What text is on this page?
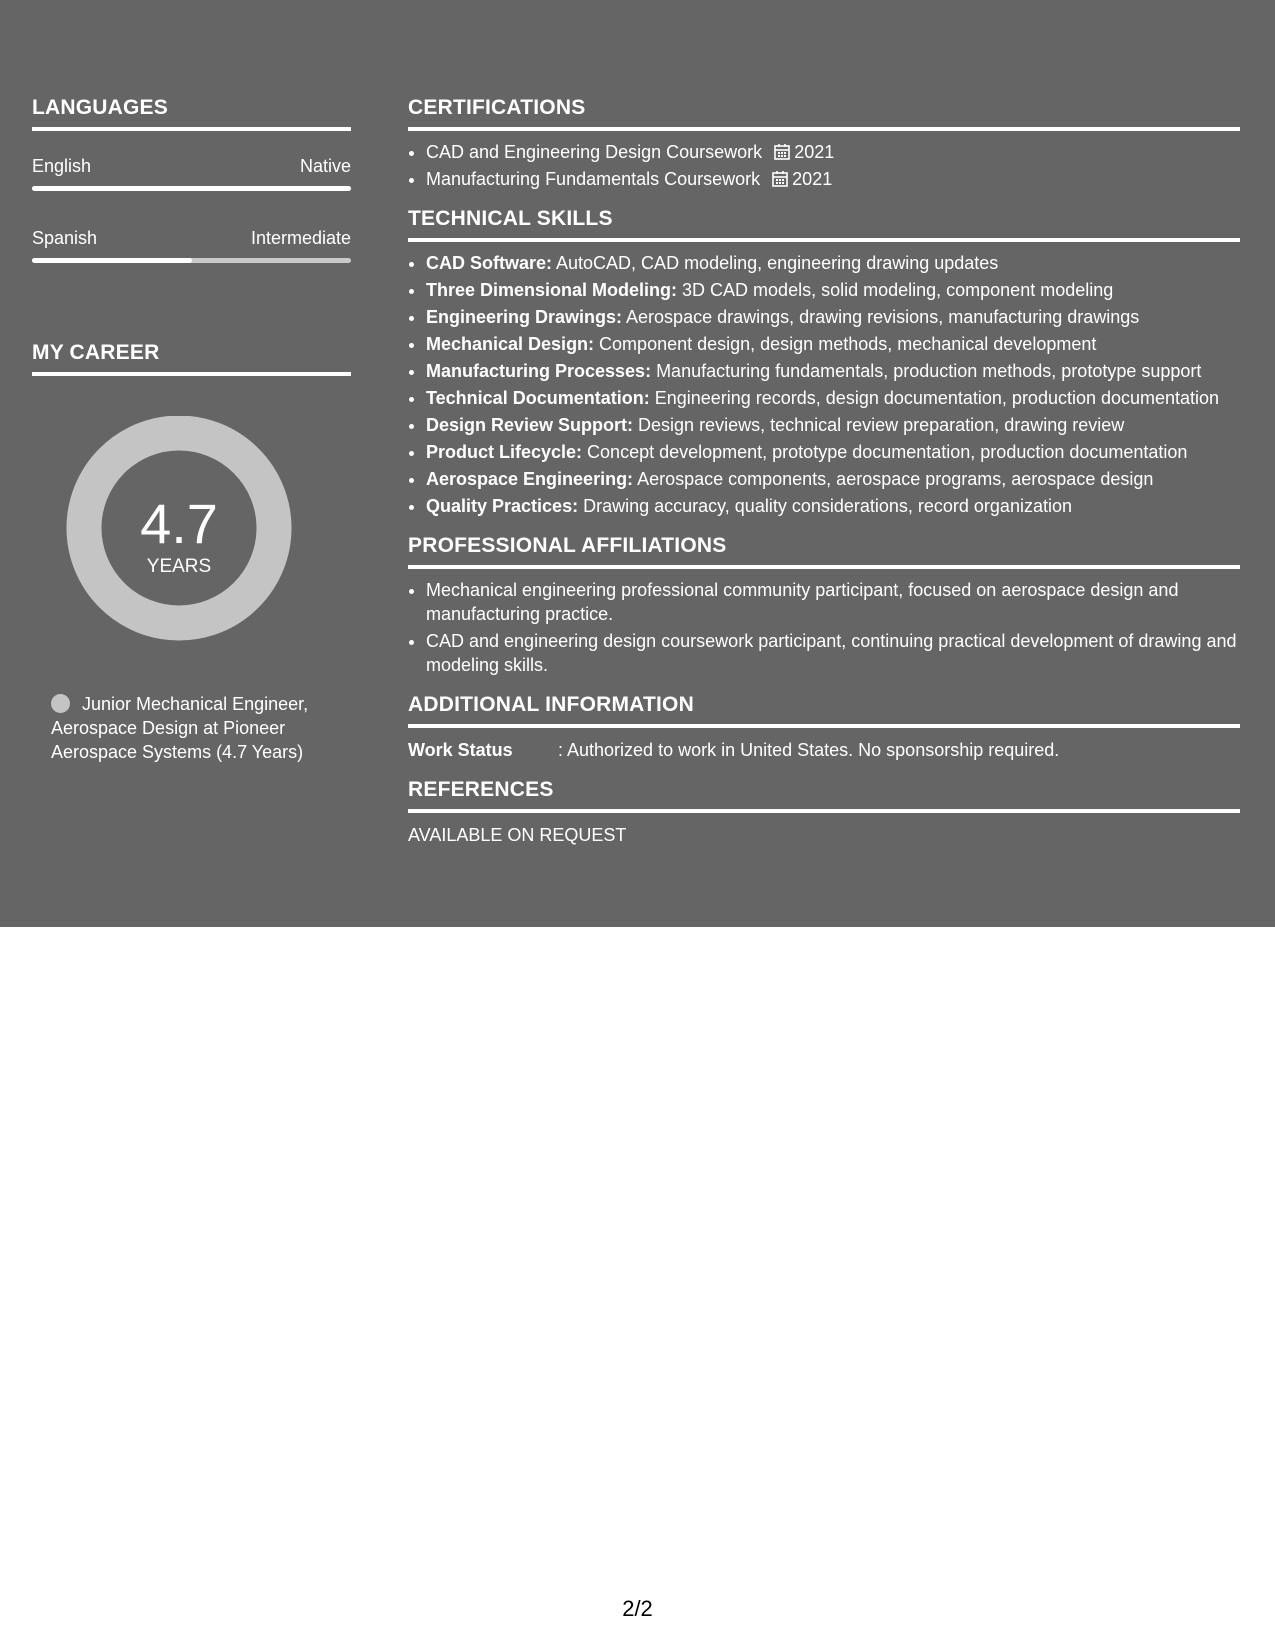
LANGUAGES
English	Native
Spanish	Intermediate
MY CAREER
4.7
YEARS
Junior Mechanical Engineer, Aerospace Design at Pioneer Aerospace Systems (4.7 Years)
CERTIFICATIONS
• CAD and Engineering Design Coursework 2021
• Manufacturing Fundamentals Coursework 2021
TECHNICAL SKILLS
• CAD Software: AutoCAD, CAD modeling, engineering drawing updates
• Three Dimensional Modeling: 3D CAD models, solid modeling, component modeling
• Engineering Drawings: Aerospace drawings, drawing revisions, manufacturing drawings
• Mechanical Design: Component design, design methods, mechanical development
• Manufacturing Processes: Manufacturing fundamentals, production methods, prototype support
• Technical Documentation: Engineering records, design documentation, production documentation
• Design Review Support: Design reviews, technical review preparation, drawing review
• Product Lifecycle: Concept development, prototype documentation, production documentation
• Aerospace Engineering: Aerospace components, aerospace programs, aerospace design
• Quality Practices: Drawing accuracy, quality considerations, record organization
PROFESSIONAL AFFILIATIONS
• Mechanical engineering professional community participant, focused on aerospace design and manufacturing practice.
• CAD and engineering design coursework participant, continuing practical development of drawing and modeling skills.
ADDITIONAL INFORMATION
Work Status	: Authorized to work in United States. No sponsorship required.
REFERENCES
AVAILABLE ON REQUEST
2/2
